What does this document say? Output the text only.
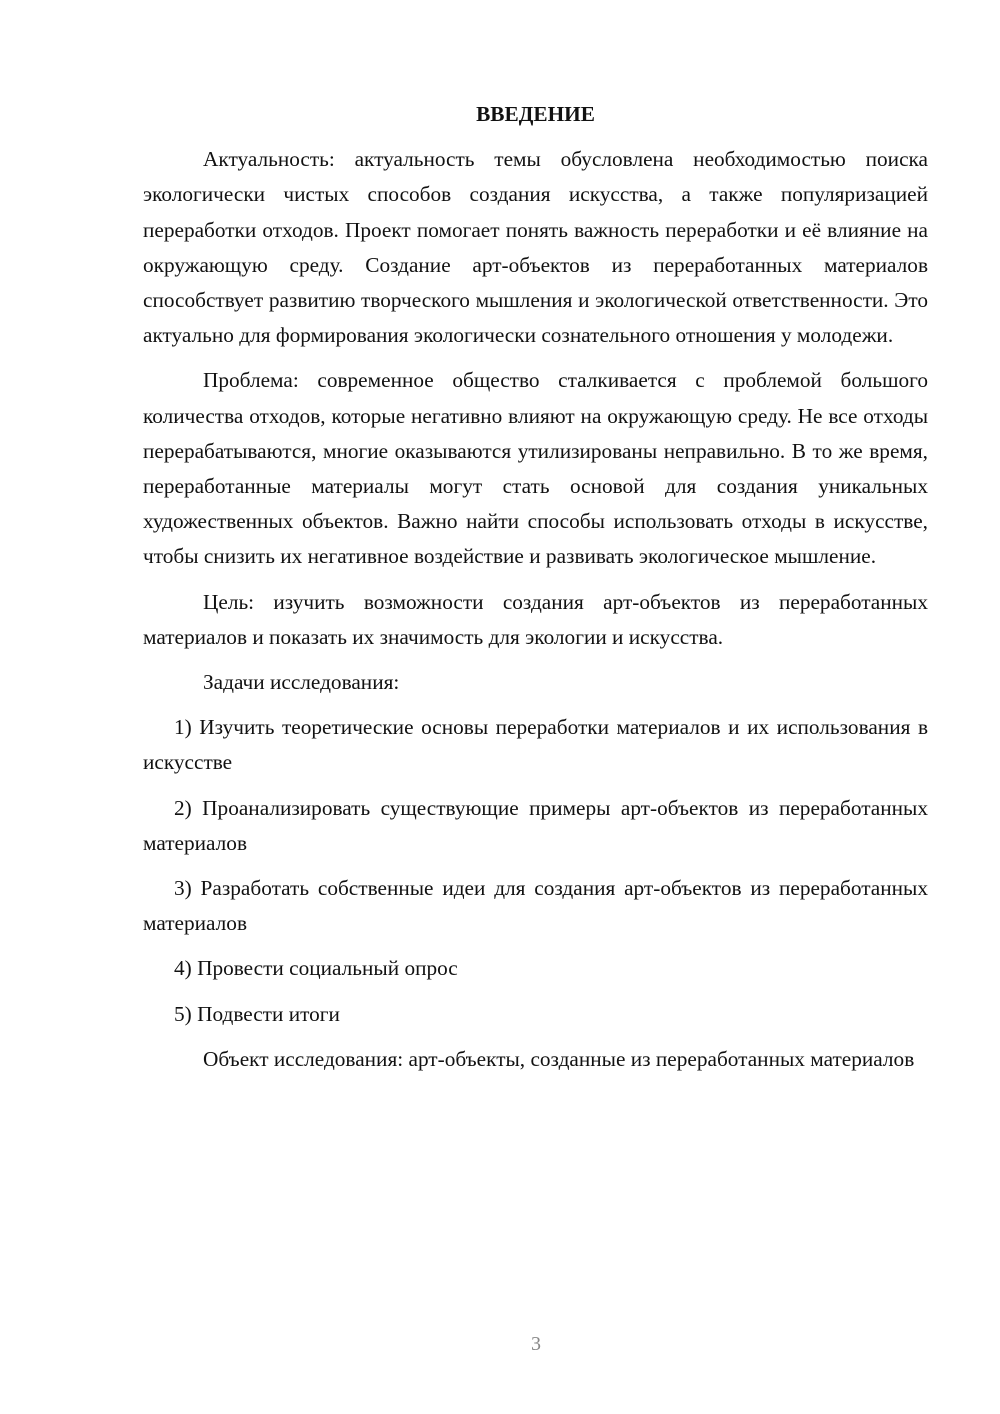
ВВЕДЕНИЕ

Актуальность: актуальность темы обусловлена необходимостью поиска экологически чистых способов создания искусства, а также популяризацией переработки отходов. Проект помогает понять важность переработки и её влияние на окружающую среду. Создание арт-объектов из переработанных материалов способствует развитию творческого мышления и экологической ответственности. Это актуально для формирования экологически сознательного отношения у молодежи.

Проблема: современное общество сталкивается с проблемой большого количества отходов, которые негативно влияют на окружающую среду. Не все отходы перерабатываются, многие оказываются утилизированы неправильно. В то же время, переработанные материалы могут стать основой для создания уникальных художественных объектов. Важно найти способы использовать отходы в искусстве, чтобы снизить их негативное воздействие и развивать экологическое мышление.

Цель: изучить возможности создания арт-объектов из переработанных материалов и показать их значимость для экологии и искусства.

Задачи исследования:

1) Изучить теоретические основы переработки материалов и их использования в искусстве

2) Проанализировать существующие примеры арт-объектов из переработанных материалов

3) Разработать собственные идеи для создания арт-объектов из переработанных материалов

4) Провести социальный опрос

5) Подвести итоги

Объект исследования: арт-объекты, созданные из переработанных материалов

3
